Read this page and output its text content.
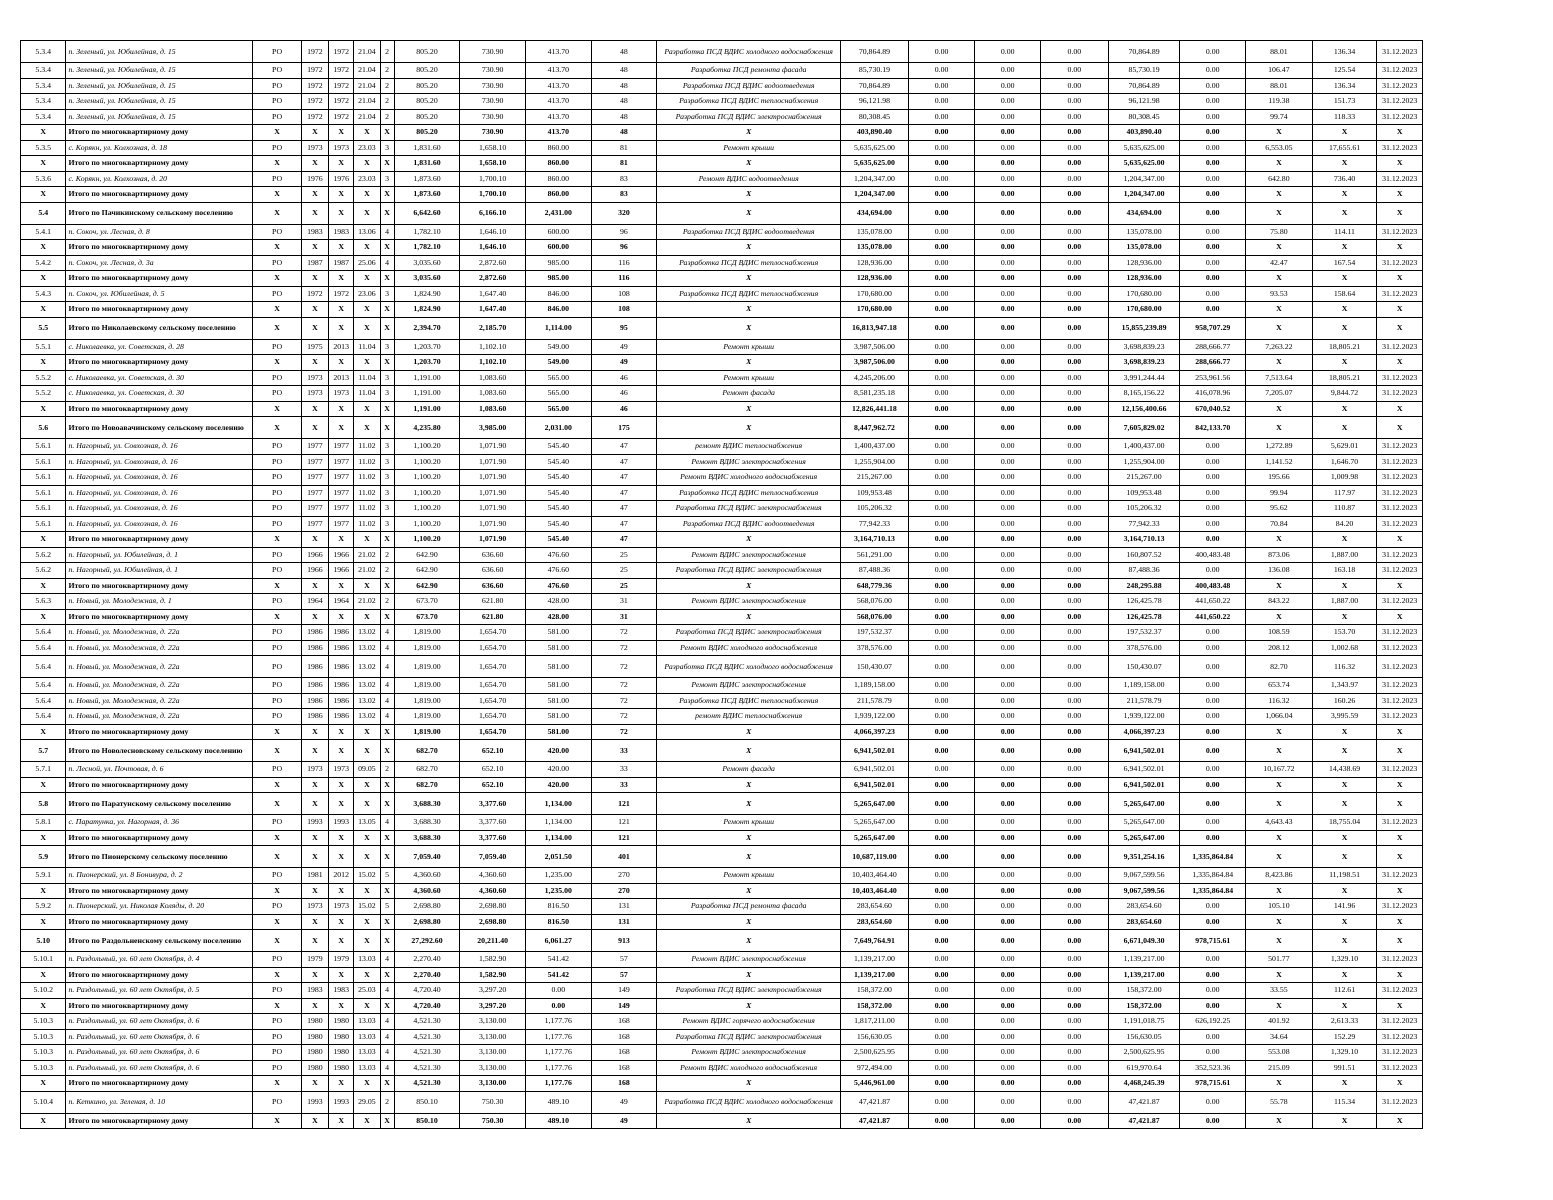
5.3.4	п. Зеленый, ул. Юбилейная, д. 15	РО	1972	1972	21.04	2	805.20	730.90	413.70	48	Разработка ПСД ВДИС холодного водоснабжения	70,864.89	0.00	0.00	0.00	70,864.89	0.00	88.01	136.34	31.12.2023
5.3.4	п. Зеленый, ул. Юбилейная, д. 15	РО	1972	1972	21.04	2	805.20	730.90	413.70	48	Разработка ПСД ремонта фасада	85,730.19	0.00	0.00	0.00	85,730.19	0.00	106.47	125.54	31.12.2023
5.3.4	п. Зеленый, ул. Юбилейная, д. 15	РО	1972	1972	21.04	2	805.20	730.90	413.70	48	Разработка ПСД ВДИС водоотведения	70,864.89	0.00	0.00	0.00	70,864.89	0.00	88.01	136.34	31.12.2023
5.3.4	п. Зеленый, ул. Юбилейная, д. 15	РО	1972	1972	21.04	2	805.20	730.90	413.70	48	Разработка ПСД ВДИС теплоснабжения	96,121.98	0.00	0.00	0.00	96,121.98	0.00	119.38	151.73	31.12.2023
5.3.4	п. Зеленый, ул. Юбилейная, д. 15	РО	1972	1972	21.04	2	805.20	730.90	413.70	48	Разработка ПСД ВДИС электроснабжения	80,308.45	0.00	0.00	0.00	80,308.45	0.00	99.74	118.33	31.12.2023
X	Итого по многоквартирному дому	X	X	X	X	X	805.20	730.90	413.70	48	X	403,890.40	0.00	0.00	0.00	403,890.40	0.00	X	X	X
5.3.5	с. Корякн, ул. Колхозная, д. 18	РО	1973	1973	23.03	3	1,831.60	1,658.10	860.00	81	Ремонт крыши	5,635,625.00	0.00	0.00	0.00	5,635,625.00	0.00	6,553.05	17,655.61	31.12.2023
X	Итого по многоквартирному дому	X	X	X	X	X	1,831.60	1,658.10	860.00	81	X	5,635,625.00	0.00	0.00	0.00	5,635,625.00	0.00	X	X	X
5.3.6	с. Корякн, ул. Колхозная, д. 20	РО	1976	1976	23.03	3	1,873.60	1,700.10	860.00	83	Ремонт ВДИС водоотведения	1,204,347.00	0.00	0.00	0.00	1,204,347.00	0.00	642.80	736.40	31.12.2023
X	Итого по многоквартирному дому	X	X	X	X	X	1,873.60	1,700.10	860.00	83	X	1,204,347.00	0.00	0.00	0.00	1,204,347.00	0.00	X	X	X
5.4	Итого по Пачикинскому сельскому поселению	X	X	X	X	X	6,642.60	6,166.10	2,431.00	320	X	434,694.00	0.00	0.00	0.00	434,694.00	0.00	X	X	X
5.4.1	п. Сокоч, ул. Лесная, д. 8	РО	1983	1983	13.06	4	1,782.10	1,646.10	600.00	96	Разработка ПСД ВДИС водоотведения	135,078.00	0.00	0.00	0.00	135,078.00	0.00	75.80	114.11	31.12.2023
X	Итого по многоквартирному дому	X	X	X	X	X	1,782.10	1,646.10	600.00	96	X	135,078.00	0.00	0.00	0.00	135,078.00	0.00	X	X	X
5.4.2	п. Сокоч, ул. Лесная, д. 3а	РО	1987	1987	25.06	4	3,035.60	2,872.60	985.00	116	Разработка ПСД ВДИС теплоснабжения	128,936.00	0.00	0.00	0.00	128,936.00	0.00	42.47	167.54	31.12.2023
X	Итого по многоквартирному дому	X	X	X	X	X	3,035.60	2,872.60	985.00	116	X	128,936.00	0.00	0.00	0.00	128,936.00	0.00	X	X	X
5.4.3	п. Сокоч, ул. Юбилейная, д. 5	РО	1972	1972	23.06	3	1,824.90	1,647.40	846.00	108	Разработка ПСД ВДИС теплоснабжения	170,680.00	0.00	0.00	0.00	170,680.00	0.00	93.53	158.64	31.12.2023
X	Итого по многоквартирному дому	X	X	X	X	X	1,824.90	1,647.40	846.00	108	X	170,680.00	0.00	0.00	0.00	170,680.00	0.00	X	X	X
5.5	Итого по Николаевскому сельскому поселению	X	X	X	X	X	2,394.70	2,185.70	1,114.00	95	X	16,813,947.18	0.00	0.00	0.00	15,855,239.89	958,707.29	X	X	X
5.5.1	с. Николаевка, ул. Советская, д. 28	РО	1975	2013	11.04	3	1,203.70	1,102.10	549.00	49	Ремонт крыши	3,987,506.00	0.00	0.00	0.00	3,698,839.23	288,666.77	7,263.22	18,805.21	31.12.2023
X	Итого по многоквартирному дому	X	X	X	X	X	1,203.70	1,102.10	549.00	49	X	3,987,506.00	0.00	0.00	0.00	3,698,839.23	288,666.77	X	X	X
5.5.2	с. Николаевка, ул. Советская, д. 30	РО	1973	2013	11.04	3	1,191.00	1,083.60	565.00	46	Ремонт крыши	4,245,206.00	0.00	0.00	0.00	3,991,244.44	253,961.56	7,513.64	18,805.21	31.12.2023
5.5.2	с. Николаевка, ул. Советская, д. 30	РО	1973	1973	11.04	3	1,191.00	1,083.60	565.00	46	Ремонт фасада	8,581,235.18	0.00	0.00	0.00	8,165,156.22	416,078.96	7,205.07	9,844.72	31.12.2023
X	Итого по многоквартирному дому	X	X	X	X	X	1,191.00	1,083.60	565.00	46	X	12,826,441.18	0.00	0.00	0.00	12,156,400.66	670,040.52	X	X	X
5.6	Итого по Новоавачинскому сельскому поселению	X	X	X	X	X	4,235.80	3,985.00	2,031.00	175	X	8,447,962.72	0.00	0.00	0.00	7,605,829.02	842,133.70	X	X	X
5.6.1	п. Нагорный, ул. Совхозная, д. 16	РО	1977	1977	11.02	3	1,100.20	1,071.90	545.40	47	ремонт ВДИС теплоснабжения	1,400,437.00	0.00	0.00	0.00	1,400,437.00	0.00	1,272.89	5,629.01	31.12.2023
5.6.1	п. Нагорный, ул. Совхозная, д. 16	РО	1977	1977	11.02	3	1,100.20	1,071.90	545.40	47	Ремонт ВДИС электроснабжения	1,255,904.00	0.00	0.00	0.00	1,255,904.00	0.00	1,141.52	1,646.70	31.12.2023
5.6.1	п. Нагорный, ул. Совхозная, д. 16	РО	1977	1977	11.02	3	1,100.20	1,071.90	545.40	47	Ремонт ВДИС холодного водоснабжения	215,267.00	0.00	0.00	0.00	215,267.00	0.00	195.66	1,009.98	31.12.2023
5.6.1	п. Нагорный, ул. Совхозная, д. 16	РО	1977	1977	11.02	3	1,100.20	1,071.90	545.40	47	Разработка ПСД ВДИС теплоснабжения	109,953.48	0.00	0.00	0.00	109,953.48	0.00	99.94	117.97	31.12.2023
5.6.1	п. Нагорный, ул. Совхозная, д. 16	РО	1977	1977	11.02	3	1,100.20	1,071.90	545.40	47	Разработка ПСД ВДИС электроснабжения	105,206.32	0.00	0.00	0.00	105,206.32	0.00	95.62	110.87	31.12.2023
5.6.1	п. Нагорный, ул. Совхозная, д. 16	РО	1977	1977	11.02	3	1,100.20	1,071.90	545.40	47	Разработка ПСД ВДИС водоотведения	77,942.33	0.00	0.00	0.00	77,942.33	0.00	70.84	84.20	31.12.2023
X	Итого по многоквартирному дому	X	X	X	X	X	1,100.20	1,071.90	545.40	47	X	3,164,710.13	0.00	0.00	0.00	3,164,710.13	0.00	X	X	X
5.6.2	п. Нагорный, ул. Юбилейная, д. 1	РО	1966	1966	21.02	2	642.90	636.60	476.60	25	Ремонт ВДИС электроснабжения	561,291.00	0.00	0.00	0.00	160,807.52	400,483.48	873.06	1,887.00	31.12.2023
5.6.2	п. Нагорный, ул. Юбилейная, д. 1	РО	1966	1966	21.02	2	642.90	636.60	476.60	25	Разработка ПСД ВДИС электроснабжения	87,488.36	0.00	0.00	0.00	87,488.36	0.00	136.08	163.18	31.12.2023
X	Итого по многоквартирному дому	X	X	X	X	X	642.90	636.60	476.60	25	X	648,779.36	0.00	0.00	0.00	248,295.88	400,483.48	X	X	X
5.6.3	п. Новый, ул. Молодежная, д. 1	РО	1964	1964	21.02	2	673.70	621.80	428.00	31	Ремонт ВДИС электроснабжения	568,076.00	0.00	0.00	0.00	126,425.78	441,650.22	843.22	1,887.00	31.12.2023
X	Итого по многоквартирному дому	X	X	X	X	X	673.70	621.80	428.00	31	X	568,076.00	0.00	0.00	0.00	126,425.78	441,650.22	X	X	X
5.6.4	п. Новый, ул. Молодежная, д. 22а	РО	1986	1986	13.02	4	1,819.00	1,654.70	581.00	72	Разработка ПСД ВДИС электроснабжения	197,532.37	0.00	0.00	0.00	197,532.37	0.00	108.59	153.70	31.12.2023
5.6.4	п. Новый, ул. Молодежная, д. 22а	РО	1986	1986	13.02	4	1,819.00	1,654.70	581.00	72	Ремонт ВДИС холодного водоснабжения	378,576.00	0.00	0.00	0.00	378,576.00	0.00	208.12	1,002.68	31.12.2023
5.6.4	п. Новый, ул. Молодежная, д. 22а	РО	1986	1986	13.02	4	1,819.00	1,654.70	581.00	72	Разработка ПСД ВДИС холодного водоснабжения	150,430.07	0.00	0.00	0.00	150,430.07	0.00	82.70	116.32	31.12.2023
5.6.4	п. Новый, ул. Молодежная, д. 22а	РО	1986	1986	13.02	4	1,819.00	1,654.70	581.00	72	Ремонт ВДИС электроснабжения	1,189,158.00	0.00	0.00	0.00	1,189,158.00	0.00	653.74	1,343.97	31.12.2023
5.6.4	п. Новый, ул. Молодежная, д. 22а	РО	1986	1986	13.02	4	1,819.00	1,654.70	581.00	72	Разработка ПСД ВДИС теплоснабжения	211,578.79	0.00	0.00	0.00	211,578.79	0.00	116.32	160.26	31.12.2023
5.6.4	п. Новый, ул. Молодежная, д. 22а	РО	1986	1986	13.02	4	1,819.00	1,654.70	581.00	72	ремонт ВДИС теплоснабжения	1,939,122.00	0.00	0.00	0.00	1,939,122.00	0.00	1,066.04	3,995.59	31.12.2023
X	Итого по многоквартирному дому	X	X	X	X	X	1,819.00	1,654.70	581.00	72	X	4,066,397.23	0.00	0.00	0.00	4,066,397.23	0.00	X	X	X
5.7	Итого по Новолесновскому сельскому поселению	X	X	X	X	X	682.70	652.10	420.00	33	X	6,941,502.01	0.00	0.00	0.00	6,941,502.01	0.00	X	X	X
5.7.1	п. Лесной, ул. Почтовая, д. 6	РО	1973	1973	09.05	2	682.70	652.10	420.00	33	Ремонт фасада	6,941,502.01	0.00	0.00	0.00	6,941,502.01	0.00	10,167.72	14,438.69	31.12.2023
X	Итого по многоквартирному дому	X	X	X	X	X	682.70	652.10	420.00	33	X	6,941,502.01	0.00	0.00	0.00	6,941,502.01	0.00	X	X	X
5.8	Итого по Паратунскому сельскому поселению	X	X	X	X	X	3,688.30	3,377.60	1,134.00	121	X	5,265,647.00	0.00	0.00	0.00	5,265,647.00	0.00	X	X	X
5.8.1	с. Паратунка, ул. Нагорная, д. 36	РО	1993	1993	13.05	4	3,688.30	3,377.60	1,134.00	121	Ремонт крыши	5,265,647.00	0.00	0.00	0.00	5,265,647.00	0.00	4,643.43	18,755.04	31.12.2023
X	Итого по многоквартирному дому	X	X	X	X	X	3,688.30	3,377.60	1,134.00	121	X	5,265,647.00	0.00	0.00	0.00	5,265,647.00	0.00	X	X	X
5.9	Итого по Пионерскому сельскому поселению	X	X	X	X	X	7,059.40	7,059.40	2,051.50	401	X	10,687,119.00	0.00	0.00	0.00	9,351,254.16	1,335,864.84	X	X	X
5.9.1	п. Пионерский, ул. 8 Бонивура, д. 2	РО	1981	2012	15.02	5	4,360.60	4,360.60	1,235.00	270	Ремонт крыши	10,403,464.40	0.00	0.00	0.00	9,067,599.56	1,335,864.84	8,423.86	11,198.51	31.12.2023
X	Итого по многоквартирному дому	X	X	X	X	X	4,360.60	4,360.60	1,235.00	270	X	10,403,464.40	0.00	0.00	0.00	9,067,599.56	1,335,864.84	X	X	X
5.9.2	п. Пионерский, ул. Николая Коляды, д. 20	РО	1973	1973	15.02	5	2,698.80	2,698.80	816.50	131	Разработка ПСД ремонта фасада	283,654.60	0.00	0.00	0.00	283,654.60	0.00	105.10	141.96	31.12.2023
X	Итого по многоквартирному дому	X	X	X	X	X	2,698.80	2,698.80	816.50	131	X	283,654.60	0.00	0.00	0.00	283,654.60	0.00	X	X	X
5.10	Итого по Раздольненскому сельскому поселению	X	X	X	X	X	27,292.60	20,211.40	6,061.27	913	X	7,649,764.91	0.00	0.00	0.00	6,671,049.30	978,715.61	X	X	X
5.10.1	п. Раздольный, ул. 60 лет Октября, д. 4	РО	1979	1979	13.03	4	2,270.40	1,582.90	541.42	57	Ремонт ВДИС электроснабжения	1,139,217.00	0.00	0.00	0.00	1,139,217.00	0.00	501.77	1,329.10	31.12.2023
X	Итого по многоквартирному дому	X	X	X	X	X	2,270.40	1,582.90	541.42	57	X	1,139,217.00	0.00	0.00	0.00	1,139,217.00	0.00	X	X	X
5.10.2	п. Раздольный, ул. 60 лет Октября, д. 5	РО	1983	1983	25.03	4	4,720.40	3,297.20	0.00	149	Разработка ПСД ВДИС электроснабжения	158,372.00	0.00	0.00	0.00	158,372.00	0.00	33.55	112.61	31.12.2023
X	Итого по многоквартирному дому	X	X	X	X	X	4,720.40	3,297.20	0.00	149	X	158,372.00	0.00	0.00	0.00	158,372.00	0.00	X	X	X
5.10.3	п. Раздольный, ул. 60 лет Октября, д. 6	РО	1980	1980	13.03	4	4,521.30	3,130.00	1,177.76	168	Ремонт ВДИС горячего водоснабжения	1,817,211.00	0.00	0.00	0.00	1,191,018.75	626,192.25	401.92	2,613.33	31.12.2023
5.10.3	п. Раздольный, ул. 60 лет Октября, д. 6	РО	1980	1980	13.03	4	4,521.30	3,130.00	1,177.76	168	Разработка ПСД ВДИС электроснабжения	156,630.05	0.00	0.00	0.00	156,630.05	0.00	34.64	152.29	31.12.2023
5.10.3	п. Раздольный, ул. 60 лет Октября, д. 6	РО	1980	1980	13.03	4	4,521.30	3,130.00	1,177.76	168	Ремонт ВДИС электроснабжения	2,500,625.95	0.00	0.00	0.00	2,500,625.95	0.00	553.08	1,329.10	31.12.2023
5.10.3	п. Раздольный, ул. 60 лет Октября, д. 6	РО	1980	1980	13.03	4	4,521.30	3,130.00	1,177.76	168	Ремонт ВДИС холодного водоснабжения	972,494.00	0.00	0.00	0.00	619,970.64	352,523.36	215.09	991.51	31.12.2023
X	Итого по многоквартирному дому	X	X	X	X	X	4,521.30	3,130.00	1,177.76	168	X	5,446,961.00	0.00	0.00	0.00	4,468,245.39	978,715.61	X	X	X
5.10.4	п. Кеткино, ул. Зеленая, д. 10	РО	1993	1993	29.05	2	850.10	750.30	489.10	49	Разработка ПСД ВДИС холодного водоснабжения	47,421.87	0.00	0.00	0.00	47,421.87	0.00	55.78	115.34	31.12.2023
X	Итого по многоквартирному дому	X	X	X	X	X	850.10	750.30	489.10	49	X	47,421.87	0.00	0.00	0.00	47,421.87	0.00	X	X	X
